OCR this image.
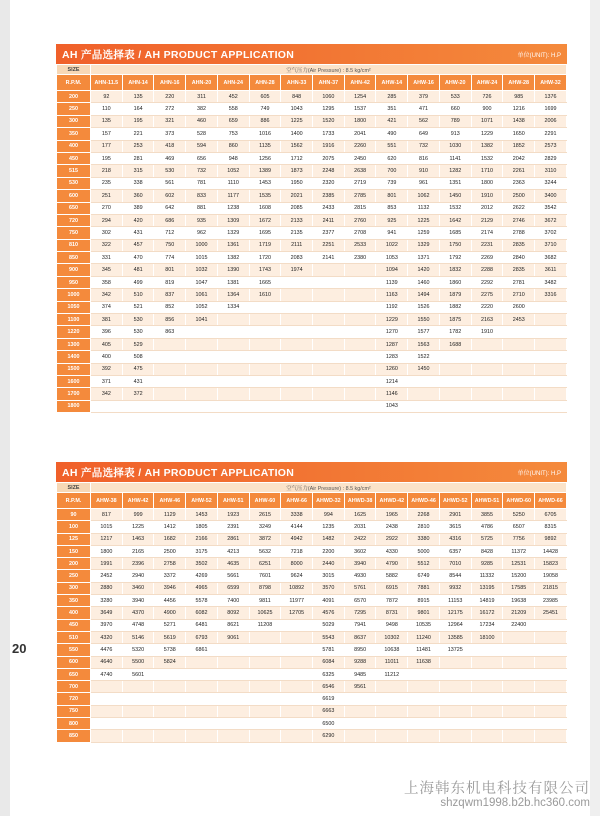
20
AH 产品选择表 / AH PRODUCT APPLICATION	单位(UNIT): H.P
SIZE	空气压力(Air Pressure) : 8.5 kg/cm²														
R.P.M.	AHN-11.5	AHN-14	AHN-16	AHN-20	AHN-24	AHN-28	AHN-33	AHN-37	AHN-42	AHW-14	AHW-16	AHW-20	AHW-24	AHW-28	AHW-32
200	92	135	220	311	452	605	848	1060	1254	285	379	533	726	985	1376
250	110	164	272	382	558	749	1043	1295	1537	351	471	660	900	1216	1699
300	135	195	321	460	659	886	1225	1520	1800	421	562	789	1071	1438	2006
350	157	221	373	528	753	1016	1400	1733	2041	490	649	913	1229	1650	2291
400	177	253	418	594	860	1135	1562	1916	2260	551	732	1030	1382	1852	2573
450	195	281	469	656	948	1256	1712	2075	2450	620	816	1141	1532	2042	2829
515	218	315	530	732	1052	1389	1873	2248	2638	700	910	1282	1710	2261	3110
530	235	338	561	781	1110	1453	1950	2320	2719	739	961	1351	1800	2363	3244
600	251	360	602	833	1177	1535	2021	2385	2785	801	1062	1450	1910	2500	3400
650	270	389	642	881	1238	1608	2085	2433	2815	853	1132	1532	2012	2622	3542
720	294	420	686	935	1309	1672	2133	2411	2760	925	1225	1642	2129	2746	3672
750	302	431	712	962	1329	1695	2135	2377	2708	941	1259	1685	2174	2788	3702
810	322	457	750	1000	1361	1719	2111	2251	2533	1022	1329	1750	2231	2835	3710
850	331	470	774	1015	1382	1720	2083	2141	2380	1053	1371	1792	2269	2840	3682
900	345	481	801	1032	1390	1743	1974			1094	1420	1832	2288	2835	3611
950	358	499	819	1047	1381	1665				1139	1460	1860	2292	2781	3482
1000	342	510	837	1061	1364	1610				1163	1494	1879	2275	2710	3316
1050	374	521	852	1052	1334					1192	1526	1882	2220	2600	
1100	381	530	856	1041						1229	1550	1875	2163	2453	
1220	396	530	863							1270	1577	1782	1910		
1300	405	529								1287	1563	1688			
1400	400	508								1283	1522				
1500	392	475								1260	1450				
1600	371	431								1214					
1700	342	372								1146					
1800										1043					
AH 产品选择表 / AH PRODUCT APPLICATION	单位(UNIT): H.P
SIZE	空气压力(Air Pressure) : 8.5 kg/cm²														
R.P.M.	AHW-38	AHW-42	AHW-46	AHW-52	AHW-51	AHW-60	AHW-66	AHWD-32	AHWD-38	AHWD-42	AHWD-46	AHWD-52	AHWD-51	AHWD-60	AHWD-66
90	817	999	1129	1453	1923	2615	3338	994	1625	1965	2268	2901	3855	5250	6705
100	1015	1225	1412	1805	2391	3249	4144	1235	2031	2438	2810	3615	4786	6507	8315
125	1217	1463	1682	2166	2861	3872	4942	1482	2422	2922	3380	4316	5725	7756	9892
150	1800	2165	2500	3175	4213	5632	7218	2200	3602	4330	5000	6357	8428	11372	14428
200	1991	2396	2758	3502	4635	6251	8000	2440	3940	4790	5512	7010	9285	12531	15823
250	2452	2940	3372	4269	5661	7601	9624	3015	4930	5882	6749	8544	11332	15200	19058
300	2880	3460	3946	4965	6599	8798	10892	3570	5761	6915	7881	9932	13195	17585	21815
350	3280	3940	4456	5578	7400	9811	11977	4091	6570	7872	8915	11153	14819	19638	23985
400	3649	4370	4900	6082	8092	10625	12705	4576	7295	8731	9801	12175	16172	21209	25451
450	3970	4748	5271	6481	8621	11208		5029	7941	9498	10535	12964	17234	22400	
510	4320	5146	5619	6793	9061			5543	8637	10302	11240	13585	18100		
550	4476	5320	5738	6861				5781	8950	10638	11481	13725			
600	4640	5500	5824					6084	9288	11011	11638				
650	4740	5601						6325	9485	11212					
700								6546	9561						
720								6619							
750								6663							
800								6500							
850								6290							
上海韩东机电科技有限公司
shzqwm1998.b2b.hc360.com
